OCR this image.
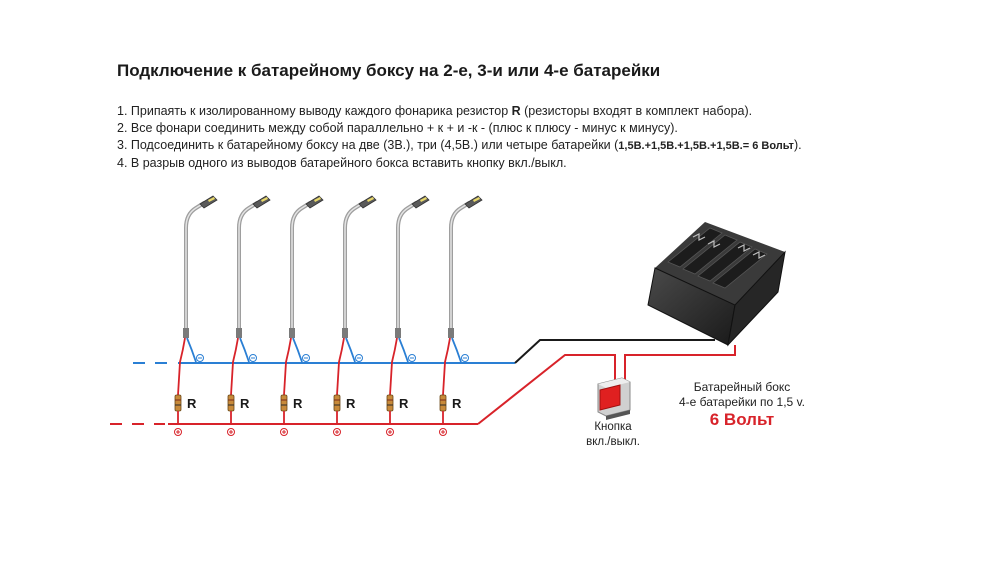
Подключение к батарейному боксу на 2-е, 3-и или 4-е батарейки
1. Припаять к изолированному выводу каждого фонарика резистор R (резисторы входят в комплект набора).
2. Все фонари соединить между собой параллельно + к + и -к - (плюс к плюсу - минус к минусу).
3. Подсоединить к батарейному боксу на две (3В.), три (4,5В.) или четыре батарейки (1,5В.+1,5В.+1,5В.+1,5В.= 6 Вольт).
4. В разрыв одного из выводов батарейного бокса вставить кнопку вкл./выкл.
Кнопка
вкл./выкл.
Батарейный бокс
4-е батарейки по 1,5 v.
6 Вольт
R	R	R	R	R	R
